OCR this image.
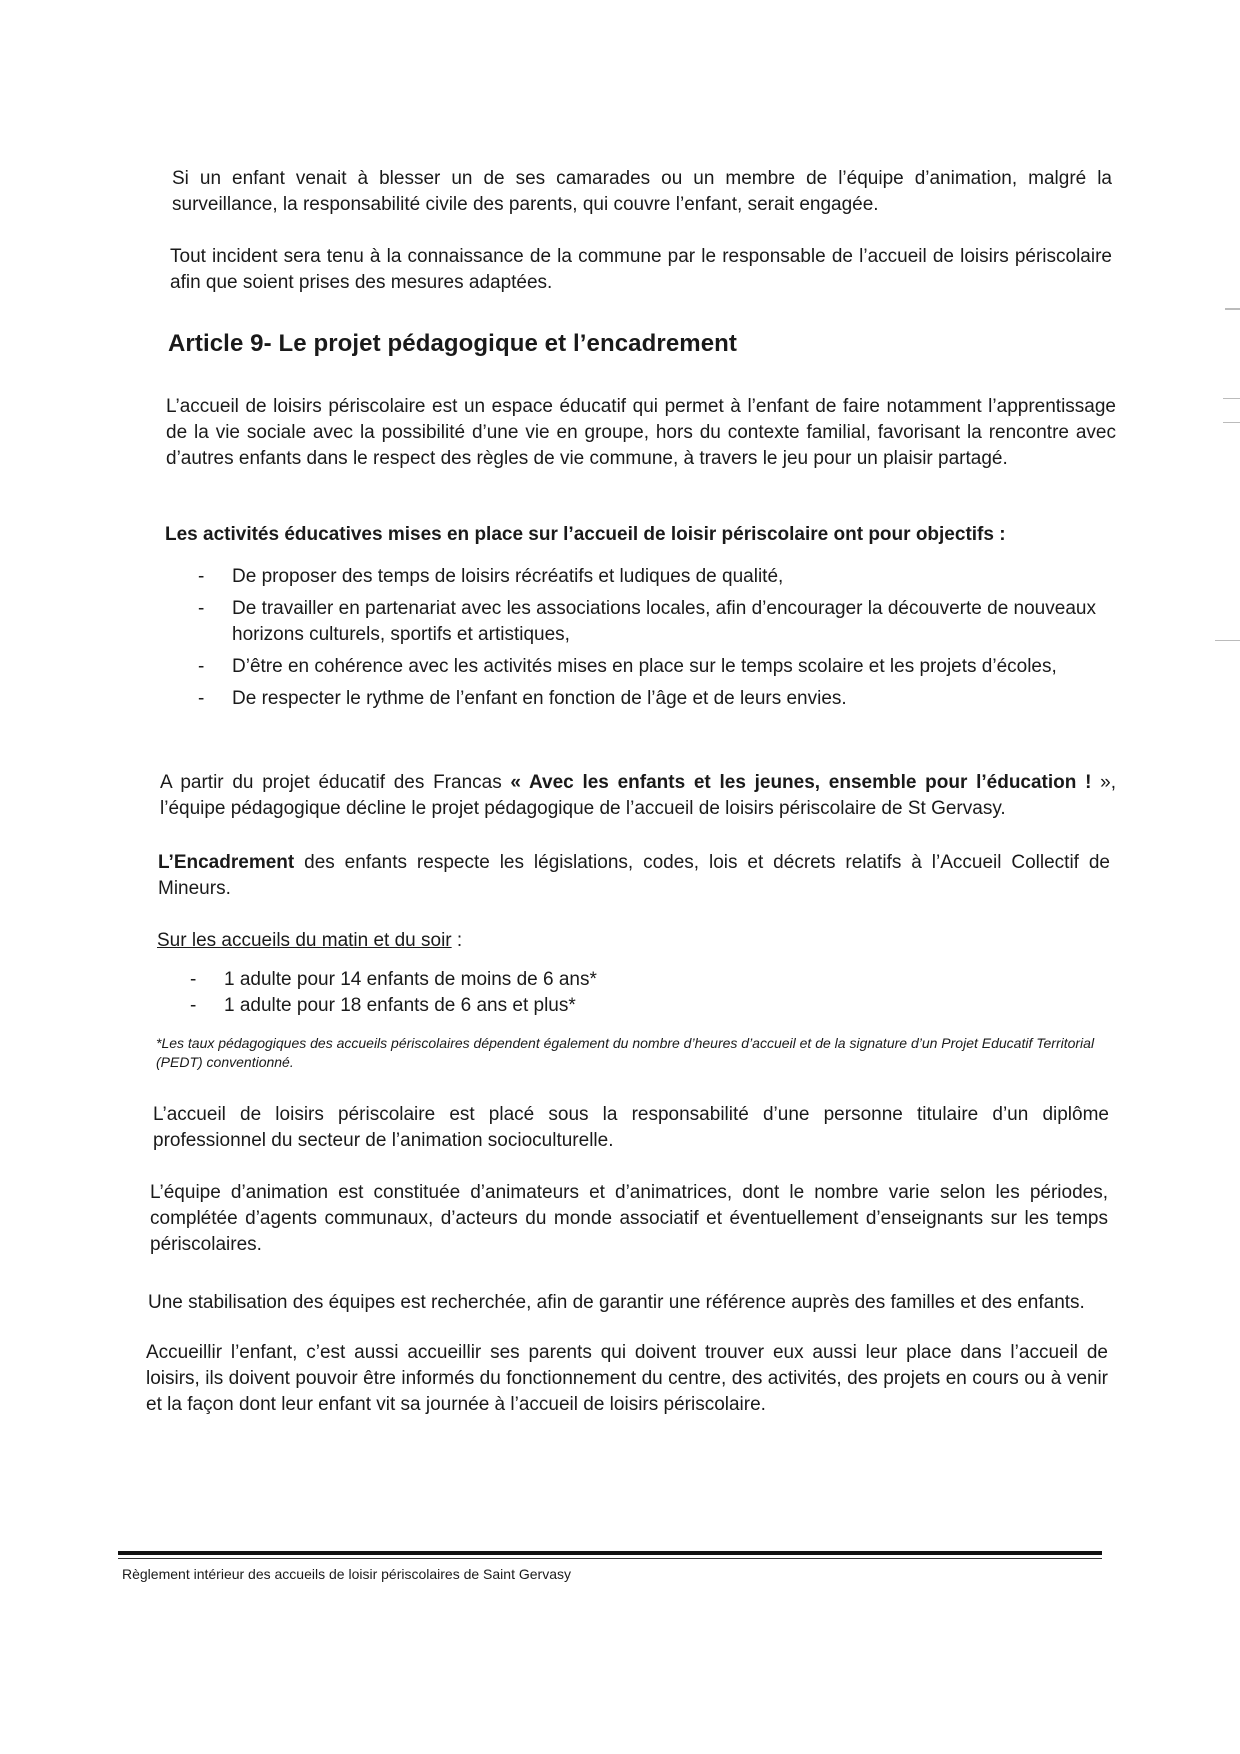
Si un enfant venait à blesser un de ses camarades ou un membre de l’équipe d’animation, malgré la surveillance, la responsabilité civile des parents, qui couvre l’enfant, serait engagée.

Tout incident sera tenu à la connaissance de la commune par le responsable de l’accueil de loisirs périscolaire afin que soient prises des mesures adaptées.

Article 9- Le projet pédagogique et l’encadrement

L’accueil de loisirs périscolaire est un espace éducatif qui permet à l’enfant de faire notamment l’apprentissage de la vie sociale avec la possibilité d’une vie en groupe, hors du contexte familial, favorisant la rencontre avec d’autres enfants dans le respect des règles de vie commune, à travers le jeu pour un plaisir partagé.

Les activités éducatives mises en place sur l’accueil de loisir périscolaire ont pour objectifs :
- De proposer des temps de loisirs récréatifs et ludiques de qualité,
- De travailler en partenariat avec les associations locales, afin d’encourager la découverte de nouveaux horizons culturels, sportifs et artistiques,
- D’être en cohérence avec les activités mises en place sur le temps scolaire et les projets d’écoles,
- De respecter le rythme de l’enfant en fonction de l’âge et de leurs envies.

A partir du projet éducatif des Francas « Avec les enfants et les jeunes, ensemble pour l’éducation ! », l’équipe pédagogique décline le projet pédagogique de l’accueil de loisirs périscolaire de St Gervasy.

L’Encadrement des enfants respecte les législations, codes, lois et décrets relatifs à l’Accueil Collectif de Mineurs.

Sur les accueils du matin et du soir :

- 1 adulte pour 14 enfants de moins de 6 ans*
- 1 adulte pour 18 enfants de 6 ans et plus*

*Les taux pédagogiques des accueils périscolaires dépendent également du nombre d’heures d’accueil et de la signature d’un Projet Educatif Territorial (PEDT) conventionné.

L’accueil de loisirs périscolaire est placé sous la responsabilité d’une personne titulaire d’un diplôme professionnel du secteur de l’animation socioculturelle.

L’équipe d’animation est constituée d’animateurs et d’animatrices, dont le nombre varie selon les périodes, complétée d’agents communaux, d’acteurs du monde associatif et éventuellement d’enseignants sur les temps périscolaires.

Une stabilisation des équipes est recherchée, afin de garantir une référence auprès des familles et des enfants.

Accueillir l’enfant, c’est aussi accueillir ses parents qui doivent trouver eux aussi leur place dans l’accueil de loisirs, ils doivent pouvoir être informés du fonctionnement du centre, des activités, des projets en cours ou à venir et la façon dont leur enfant vit sa journée à l’accueil de loisirs périscolaire.

Règlement intérieur des accueils de loisir périscolaires de Saint Gervasy
